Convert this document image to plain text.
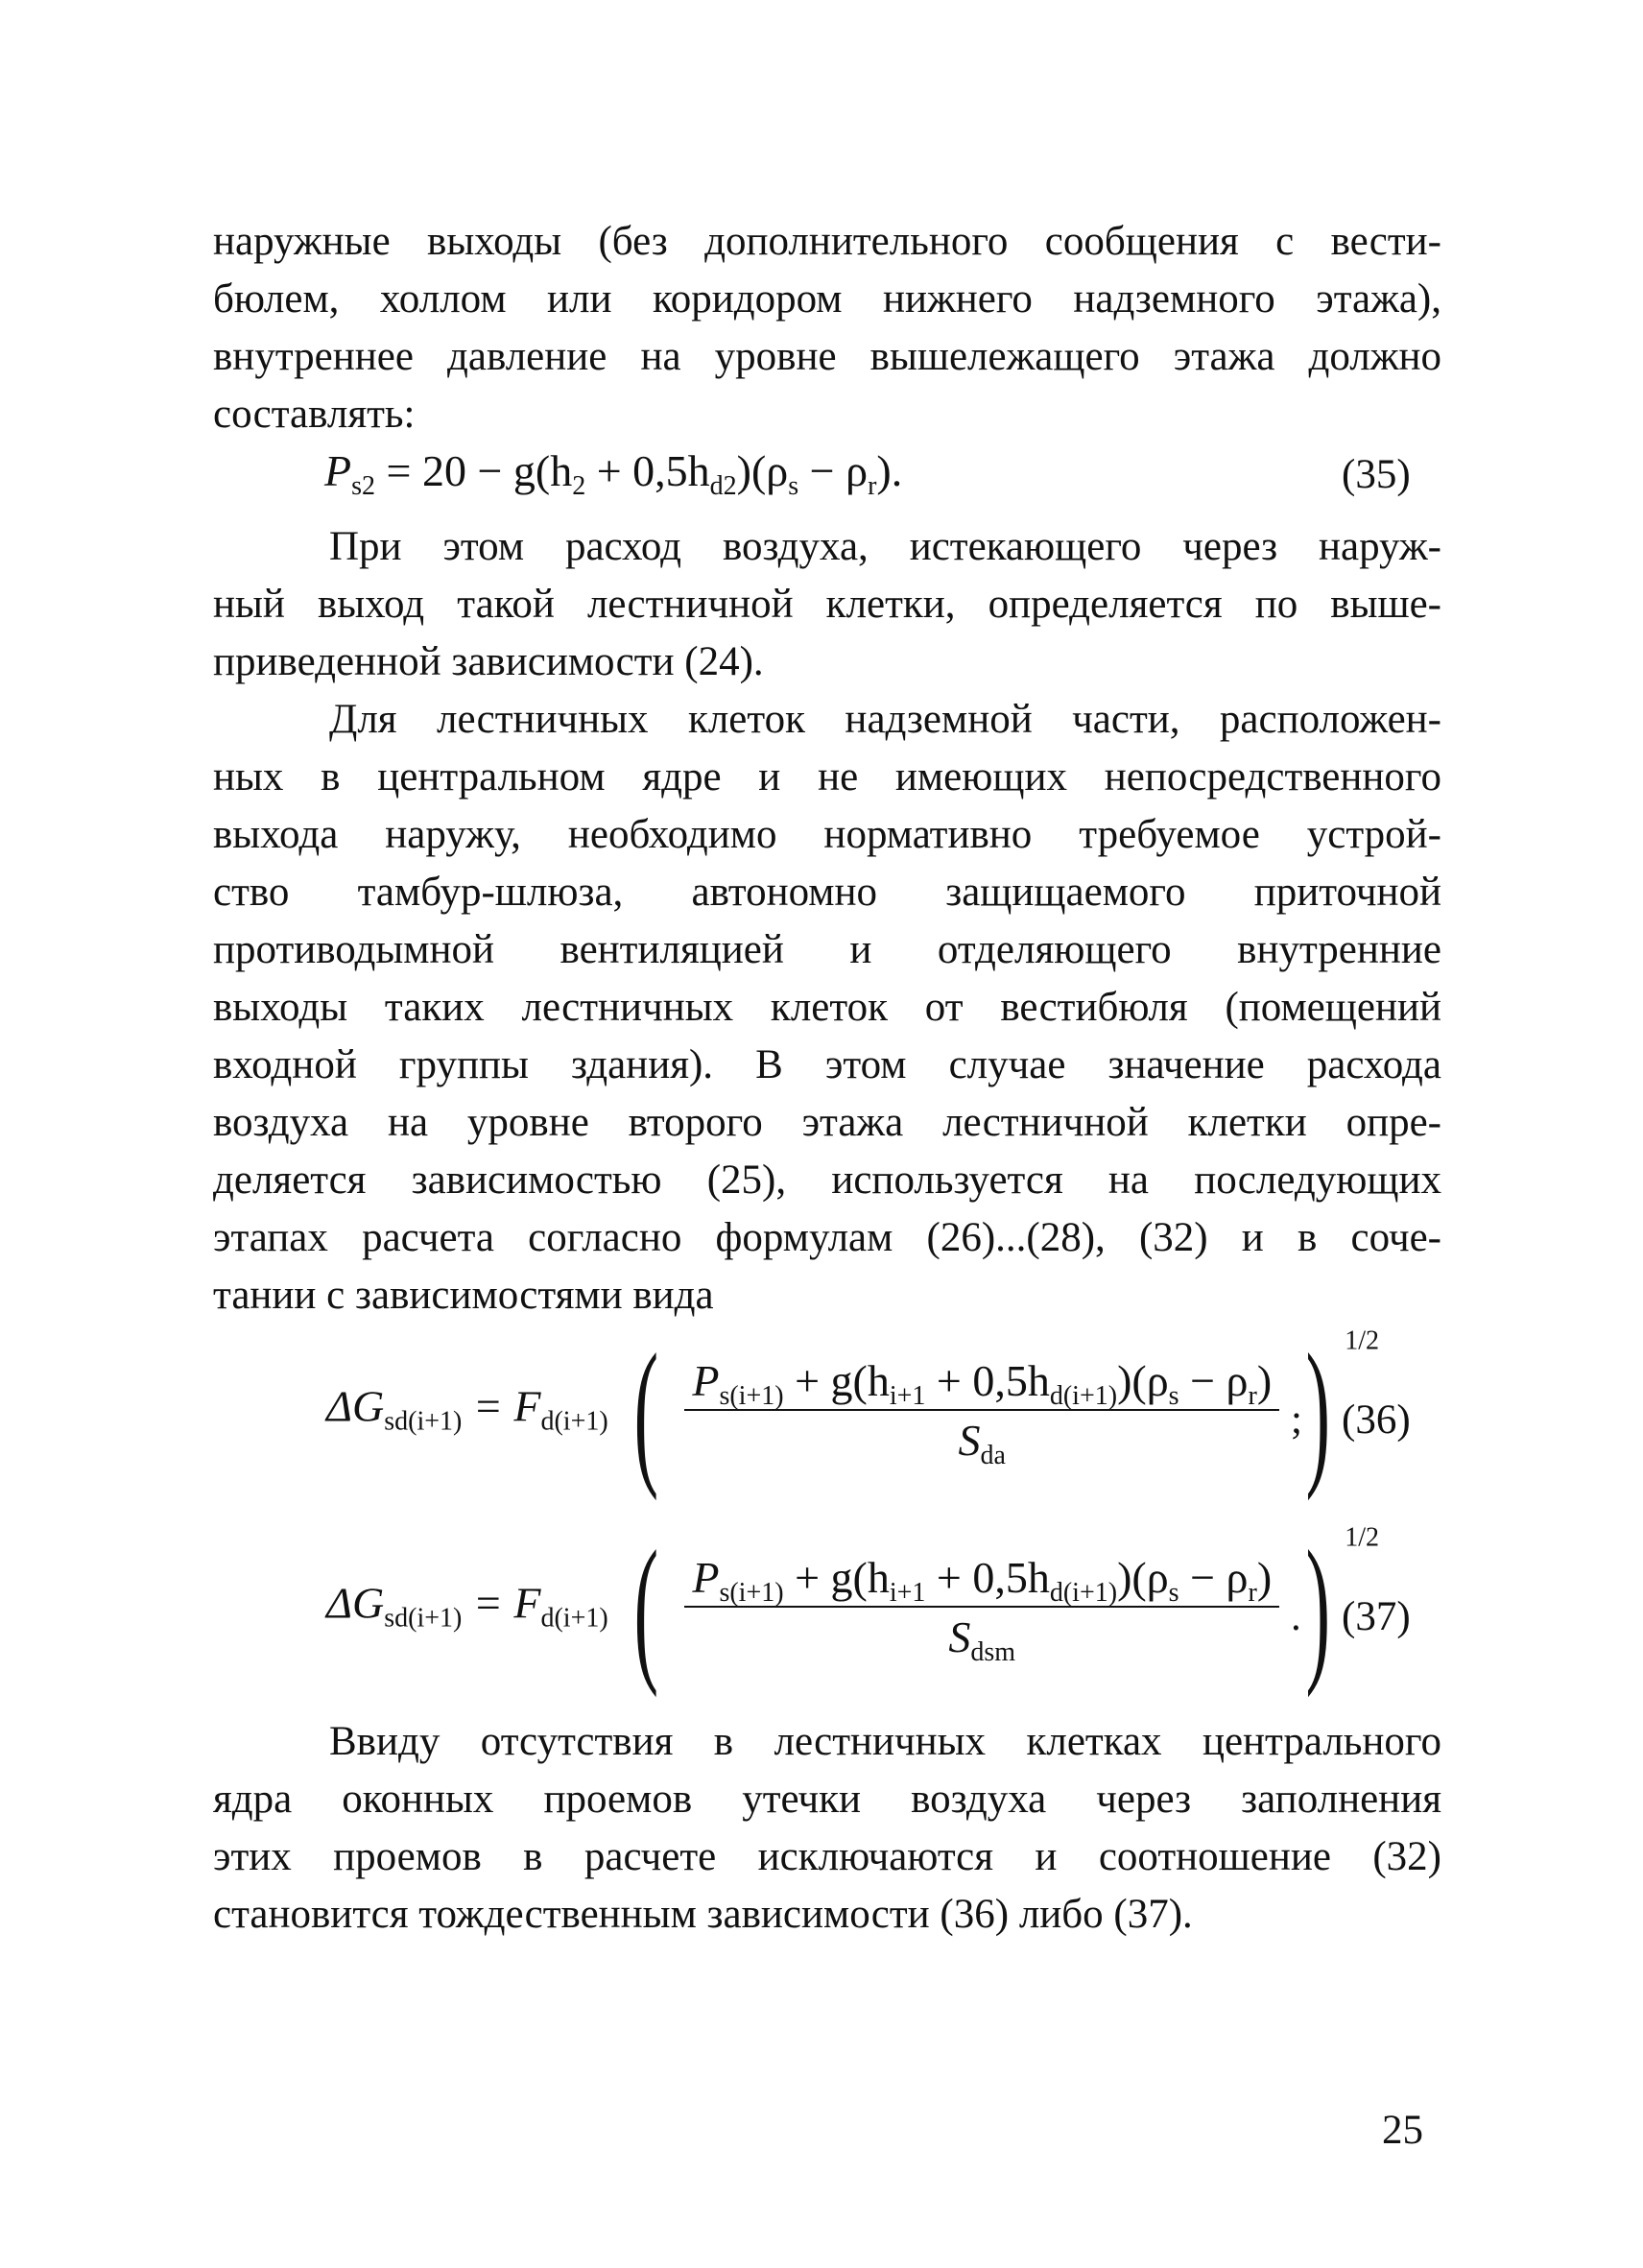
наружные выходы (без дополнительного сообщения с вести-
бюлем, холлом или коридором нижнего надземного этажа),
внутреннее давление на уровне вышележащего этажа должно
составлять:
$P_{s2} = 20 - g(h_2 + 0,5h_{d2})(\rho_s - \rho_r)$.	(35)
При этом расход воздуха, истекающего через наруж-
ный выход такой лестничной клетки, определяется по выше-
приведенной зависимости (24).
Для лестничных клеток надземной части, расположен-
ных в центральном ядре и не имеющих непосредственного
выхода наружу, необходимо нормативно требуемое устрой-
ство тамбур-шлюза, автономно защищаемого приточной
противодымной вентиляцией и отделяющего внутренние
выходы таких лестничных клеток от вестибюля (помещений
входной группы здания). В этом случае значение расхода
воздуха на уровне второго этажа лестничной клетки опре-
деляется зависимостью (25), используется на последующих
этапах расчета согласно формулам (26)...(28), (32) и в соче-
тании с зависимостями вида
$\Delta G_{sd(i+1)} = F_{d(i+1)}$ ( $\frac{P_{s(i+1)} + g(h_{i+1} + 0,5h_{d(i+1)})(\rho_s - \rho_r)}{S_{da}}$ ) $^{1/2}$
; (36)
$\Delta G_{sd(i+1)} = F_{d(i+1)}$ ( $\frac{P_{s(i+1)} + g(h_{i+1} + 0,5h_{d(i+1)})(\rho_s - \rho_r)}{S_{dsm}}$ ) $^{1/2}$
. (37)
Ввиду отсутствия в лестничных клетках центрального
ядра оконных проемов утечки воздуха через заполнения
этих проемов в расчете исключаются и соотношение (32)
становится тождественным зависимости (36) либо (37).
25
